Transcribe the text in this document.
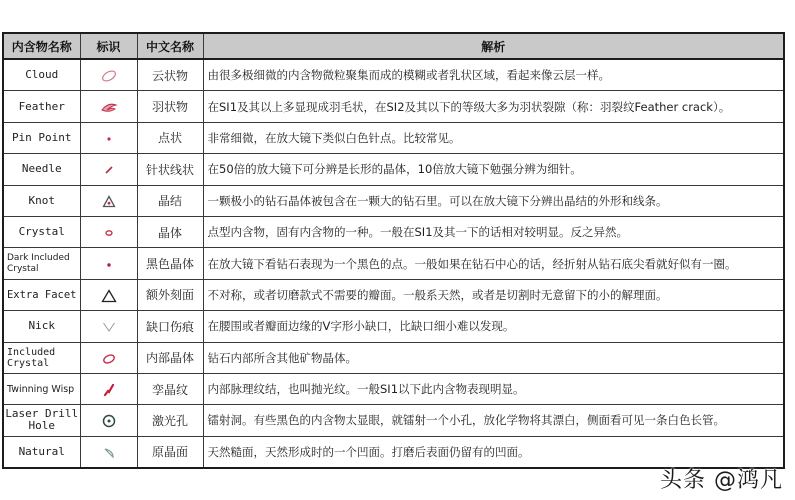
内含物名称	标识	中文名称	解析
Cloud		云状物	由很多极细微的内含物微粒聚集而成的模糊或者乳状区域，看起来像云层一样。
Feather		羽状物	在SI1及其以上多显现成羽毛状，在SI2及其以下的等级大多为羽状裂隙（称：羽裂纹Feather crack）。
Pin Point		点状	非常细微，在放大镜下类似白色针点。比较常见。
Needle		针状线状	在50倍的放大镜下可分辨是长形的晶体，10倍放大镜下勉强分辨为细针。
Knot		晶结	一颗极小的钻石晶体被包含在一颗大的钻石里。可以在放大镜下分辨出晶结的外形和线条。
Crystal		晶体	点型内含物，固有内含物的一种。一般在SI1及其一下的话相对较明显。反之异然。

Dark Included
Crystal		黑色晶体	在放大镜下看钻石表现为一个黑色的点。一般如果在钻石中心的话，经折射从钻石底尖看就好似有一圈。
Extra Facet		额外刻面	不对称，或者切磨款式不需要的瓣面。一般系天然，或者是切割时无意留下的小的解理面。
Nick		缺口伤痕	在腰围或者瓣面边缘的V字形小缺口，比缺口细小难以发现。

Included
Crystal		内部晶体	钻石内部所含其他矿物晶体。
Twinning Wisp		孪晶纹	内部脉理纹结，也叫抛光纹。一般SI1以下此内含物表现明显。

Laser Drill
Hole		激光孔	镭射洞。有些黑色的内含物太显眼，就镭射一个小孔，放化学物将其漂白，侧面看可见一条白色长管。
Natural		原晶面	天然糙面，天然形成时的一个凹面。打磨后表面仍留有的凹面。
头条 @鸿凡
